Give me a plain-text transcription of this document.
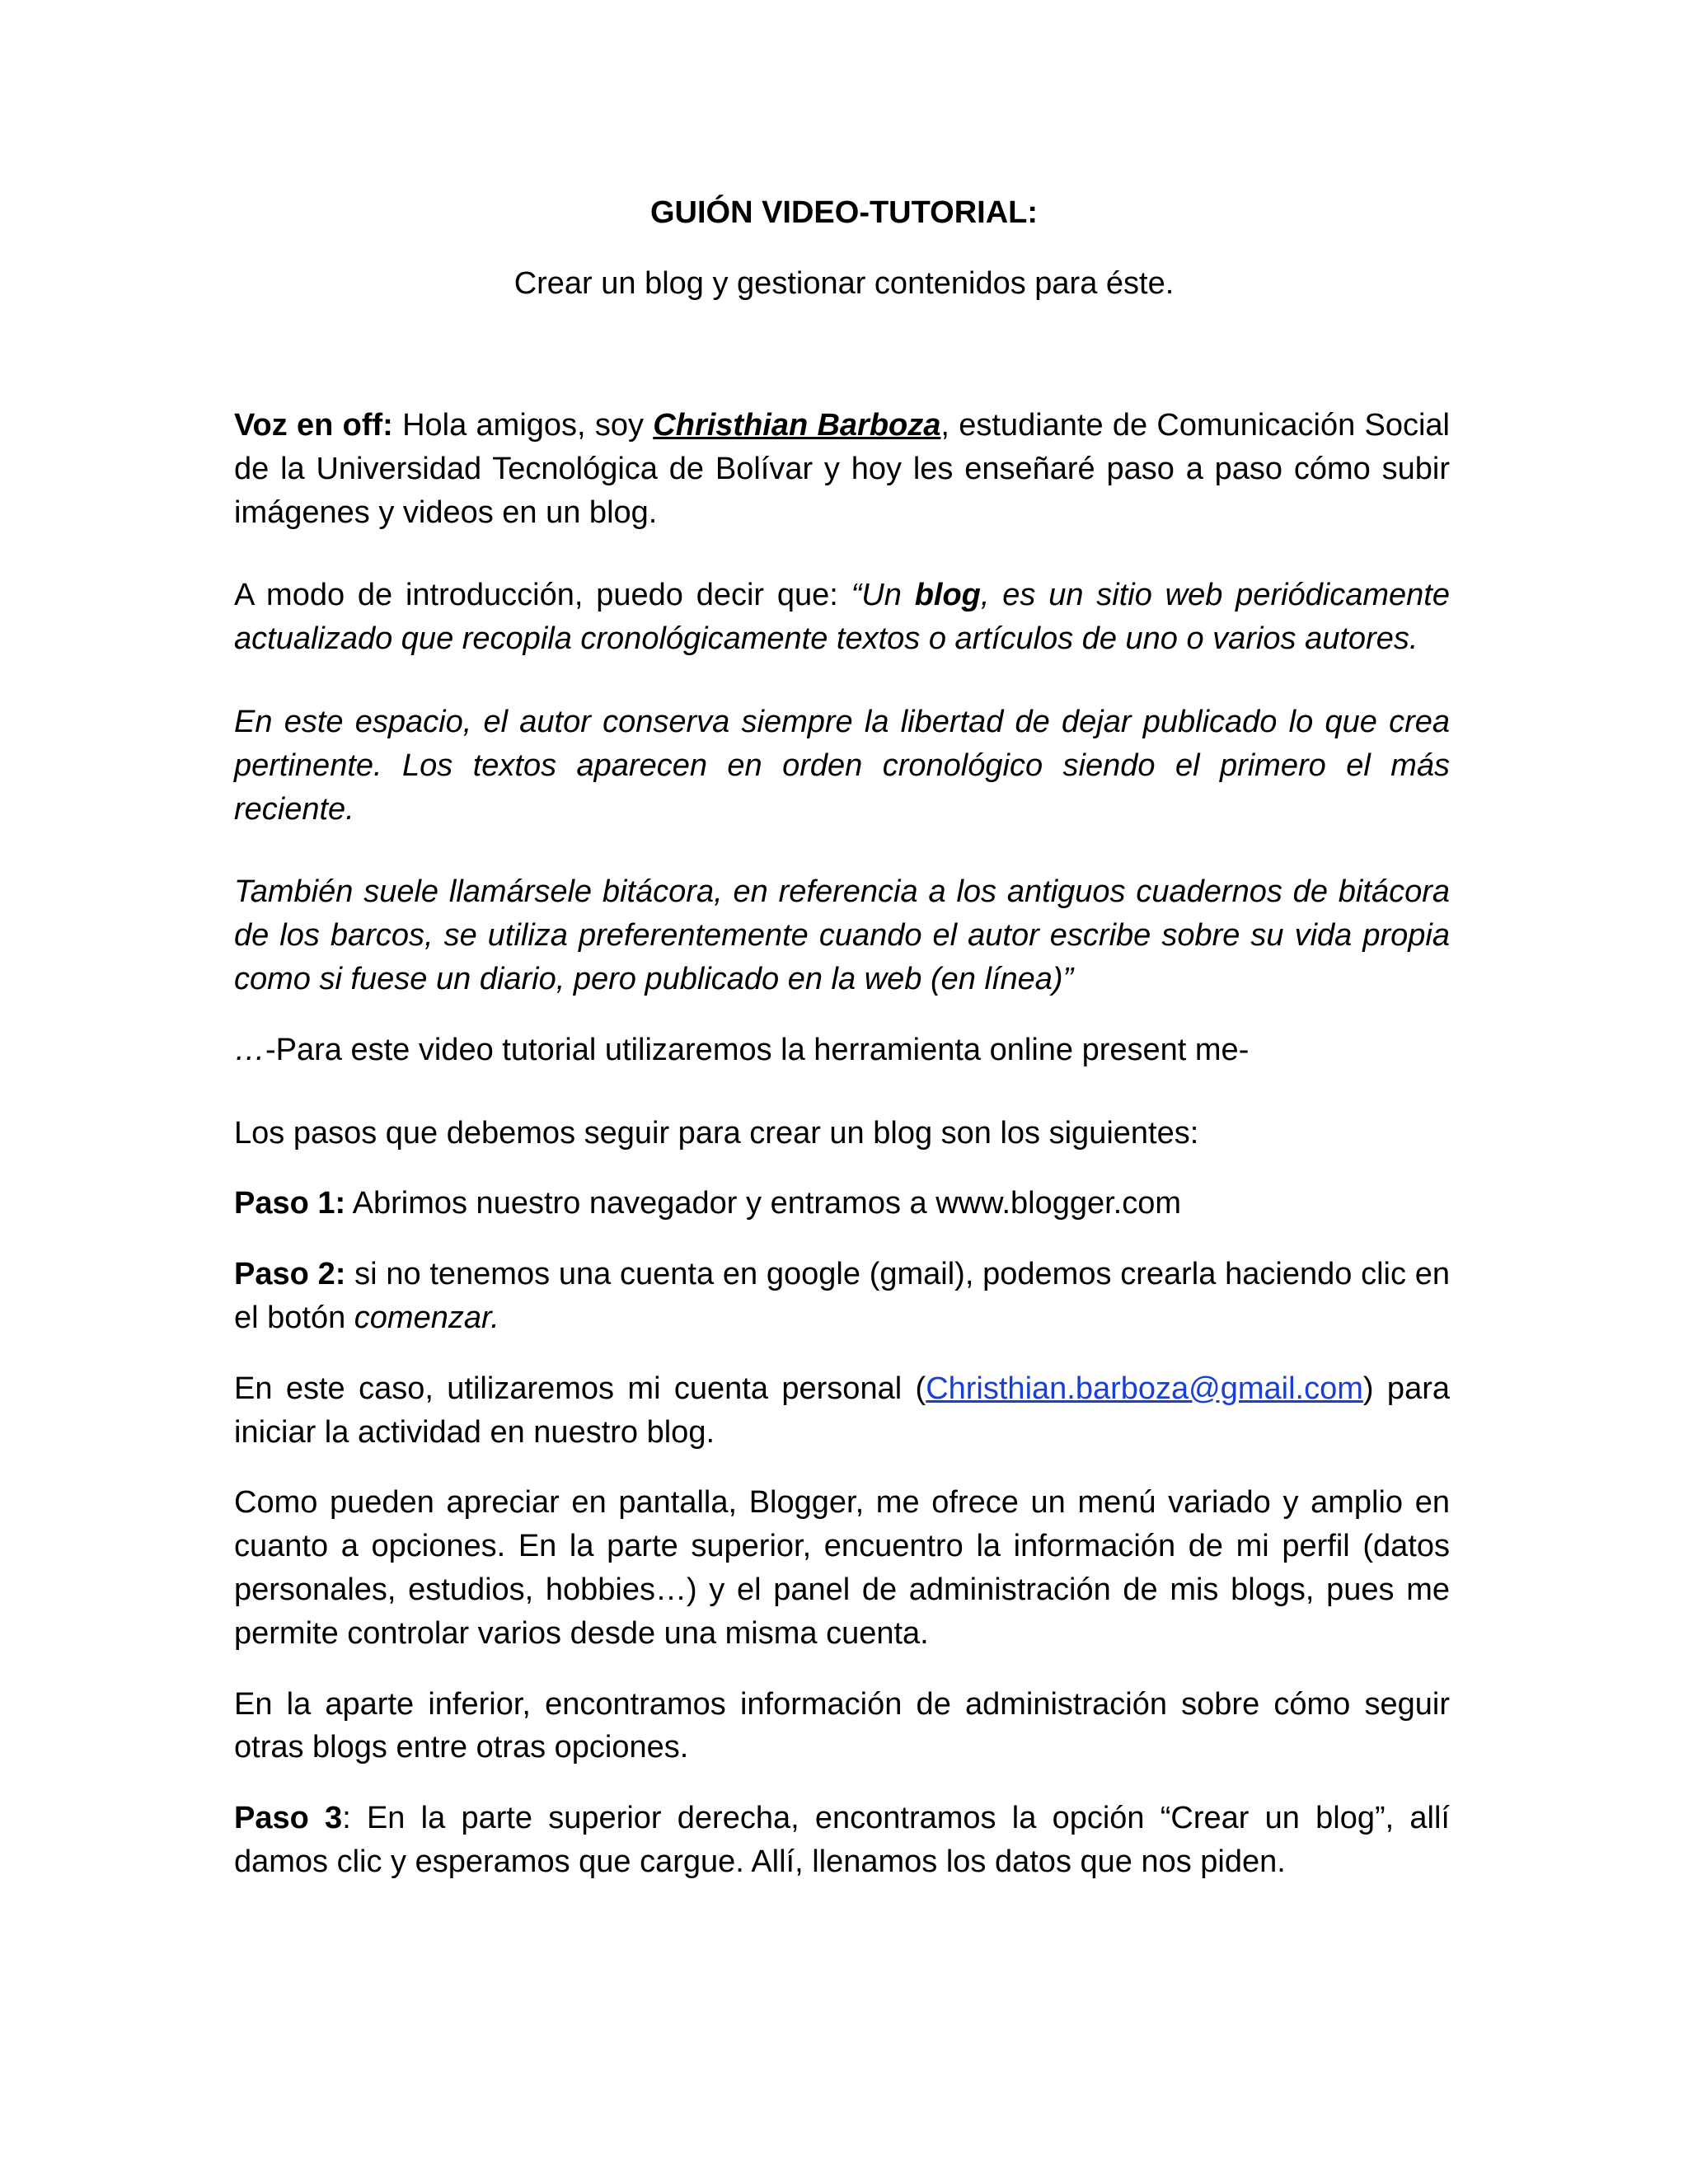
GUIÓN VIDEO-TUTORIAL:
Crear un blog y gestionar contenidos para éste.

Voz en off: Hola amigos, soy Christhian Barboza, estudiante de Comunicación Social de la Universidad Tecnológica de Bolívar y hoy les enseñaré paso a paso cómo subir imágenes y videos en un blog.

A modo de introducción, puedo decir que: “Un blog, es un sitio web periódicamente actualizado que recopila cronológicamente textos o artículos de uno o varios autores.

En este espacio, el autor conserva siempre la libertad de dejar publicado lo que crea pertinente. Los textos aparecen en orden cronológico siendo el primero el más reciente.

También suele llamársele bitácora, en referencia a los antiguos cuadernos de bitácora de los barcos, se utiliza preferentemente cuando el autor escribe sobre su vida propia como si fuese un diario, pero publicado en la web (en línea)”

…-Para este video tutorial utilizaremos la herramienta online present me-

Los pasos que debemos seguir para crear un blog son los siguientes:

Paso 1: Abrimos nuestro navegador y entramos a www.blogger.com

Paso 2: si no tenemos una cuenta en google (gmail), podemos crearla haciendo clic en el botón comenzar.

En este caso, utilizaremos mi cuenta personal (Christhian.barboza@gmail.com) para iniciar la actividad en nuestro blog.

Como pueden apreciar en pantalla, Blogger, me ofrece un menú variado y amplio en cuanto a opciones. En la parte superior, encuentro la información de mi perfil (datos personales, estudios, hobbies…) y el panel de administración de mis blogs, pues me permite controlar varios desde una misma cuenta.

En la aparte inferior, encontramos información de administración sobre cómo seguir otras blogs entre otras opciones.

Paso 3: En la parte superior derecha, encontramos la opción “Crear un blog”, allí damos clic y esperamos que cargue. Allí, llenamos los datos que nos piden.
